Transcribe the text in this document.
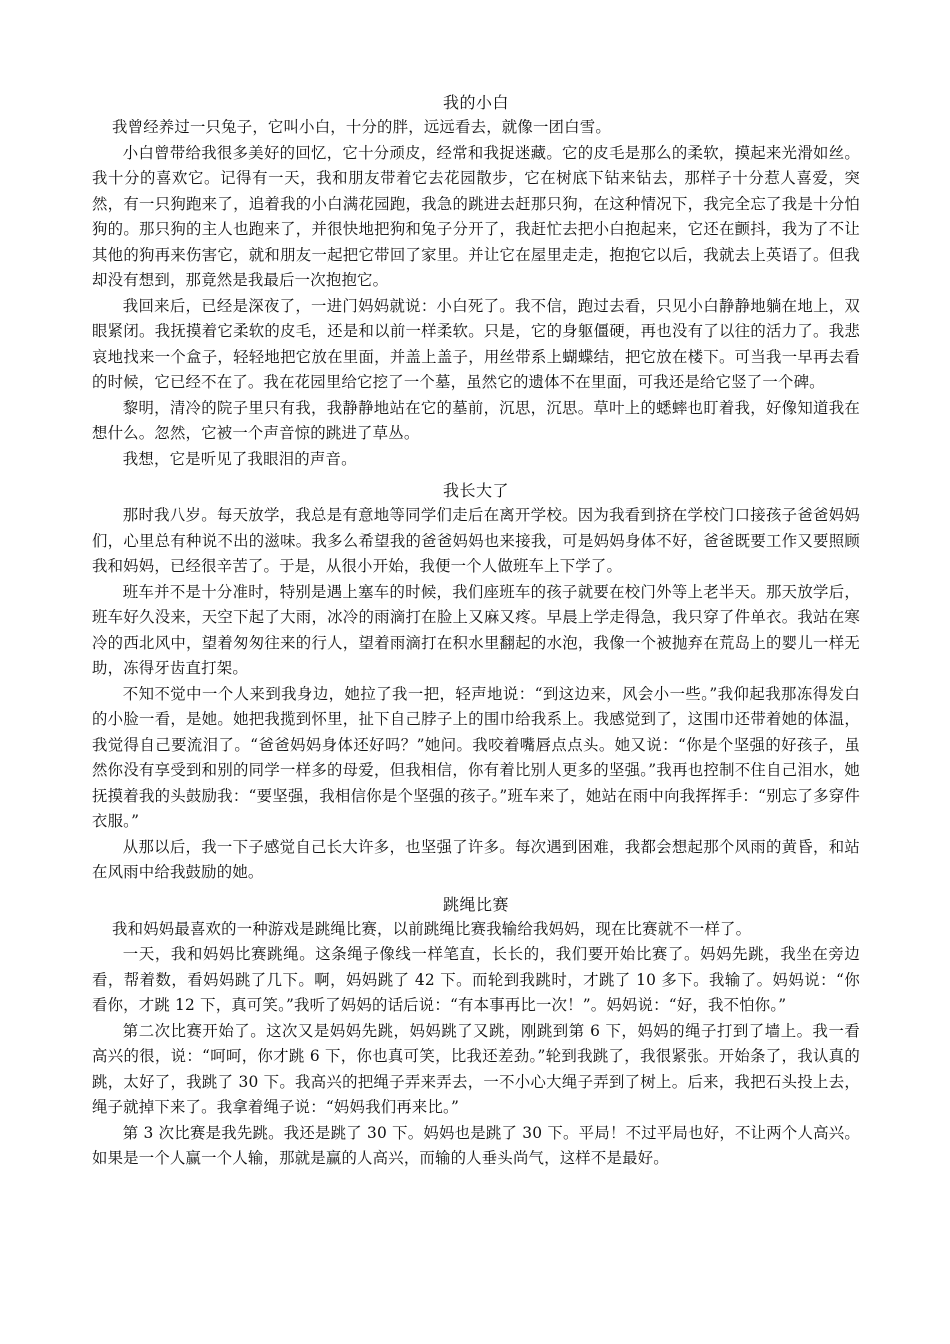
我的小白

我曾经养过一只兔子，它叫小白，十分的胖，远远看去，就像一团白雪。

小白曾带给我很多美好的回忆，它十分顽皮，经常和我捉迷藏。它的皮毛是那么的柔软，摸起来光滑如丝。我十分的喜欢它。记得有一天，我和朋友带着它去花园散步，它在树底下钻来钻去，那样子十分惹人喜爱，突然，有一只狗跑来了，追着我的小白满花园跑，我急的跳进去赶那只狗，在这种情况下，我完全忘了我是十分怕狗的。那只狗的主人也跑来了，并很快地把狗和兔子分开了，我赶忙去把小白抱起来，它还在颤抖，我为了不让其他的狗再来伤害它，就和朋友一起把它带回了家里。并让它在屋里走走，抱抱它以后，我就去上英语了。但我却没有想到，那竟然是我最后一次抱抱它。

我回来后，已经是深夜了，一进门妈妈就说：小白死了。我不信，跑过去看，只见小白静静地躺在地上，双眼紧闭。我抚摸着它柔软的皮毛，还是和以前一样柔软。只是，它的身躯僵硬，再也没有了以往的活力了。我悲哀地找来一个盒子，轻轻地把它放在里面，并盖上盖子，用丝带系上蝴蝶结，把它放在楼下。可当我一早再去看的时候，它已经不在了。我在花园里给它挖了一个墓，虽然它的遗体不在里面，可我还是给它竖了一个碑。

黎明，清冷的院子里只有我，我静静地站在它的墓前，沉思，沉思。草叶上的蟋蟀也盯着我，好像知道我在想什么。忽然，它被一个声音惊的跳进了草丛。

我想，它是听见了我眼泪的声音。

我长大了

那时我八岁。每天放学，我总是有意地等同学们走后在离开学校。因为我看到挤在学校门口接孩子爸爸妈妈们，心里总有种说不出的滋味。我多么希望我的爸爸妈妈也来接我，可是妈妈身体不好，爸爸既要工作又要照顾我和妈妈，已经很辛苦了。于是，从很小开始，我便一个人做班车上下学了。

班车并不是十分准时，特别是遇上塞车的时候，我们座班车的孩子就要在校门外等上老半天。那天放学后，班车好久没来，天空下起了大雨，冰冷的雨滴打在脸上又麻又疼。早晨上学走得急，我只穿了件单衣。我站在寒冷的西北风中，望着匆匆往来的行人，望着雨滴打在积水里翻起的水泡，我像一个被抛弃在荒岛上的婴儿一样无助，冻得牙齿直打架。

不知不觉中一个人来到我身边，她拉了我一把，轻声地说：“到这边来，风会小一些。”我仰起我那冻得发白的小脸一看，是她。她把我揽到怀里，扯下自己脖子上的围巾给我系上。我感觉到了，这围巾还带着她的体温，我觉得自己要流泪了。“爸爸妈妈身体还好吗？”她问。我咬着嘴唇点点头。她又说：“你是个坚强的好孩子，虽然你没有享受到和别的同学一样多的母爱，但我相信，你有着比别人更多的坚强。”我再也控制不住自己泪水，她抚摸着我的头鼓励我：“要坚强，我相信你是个坚强的孩子。”班车来了，她站在雨中向我挥挥手：“别忘了多穿件衣服。”

从那以后，我一下子感觉自己长大许多，也坚强了许多。每次遇到困难，我都会想起那个风雨的黄昏，和站在风雨中给我鼓励的她。

跳绳比赛

我和妈妈最喜欢的一种游戏是跳绳比赛，以前跳绳比赛我输给我妈妈，现在比赛就不一样了。

一天，我和妈妈比赛跳绳。这条绳子像线一样笔直，长长的，我们要开始比赛了。妈妈先跳，我坐在旁边看，帮着数，看妈妈跳了几下。啊，妈妈跳了 42 下。而轮到我跳时，才跳了 10 多下。我输了。妈妈说：“你看你，才跳 12 下，真可笑。”我听了妈妈的话后说：“有本事再比一次！”。妈妈说：“好，我不怕你。”

第二次比赛开始了。这次又是妈妈先跳，妈妈跳了又跳，刚跳到第 6 下，妈妈的绳子打到了墙上。我一看高兴的很，说：“呵呵，你才跳 6 下，你也真可笑，比我还差劲。”轮到我跳了，我很紧张。开始条了，我认真的跳，太好了，我跳了 30 下。我高兴的把绳子弄来弄去，一不小心大绳子弄到了树上。后来，我把石头投上去，绳子就掉下来了。我拿着绳子说：“妈妈我们再来比。”

第 3 次比赛是我先跳。我还是跳了 30 下。妈妈也是跳了 30 下。平局！不过平局也好，不让两个人高兴。如果是一个人赢一个人输，那就是赢的人高兴，而输的人垂头尚气，这样不是最好。
